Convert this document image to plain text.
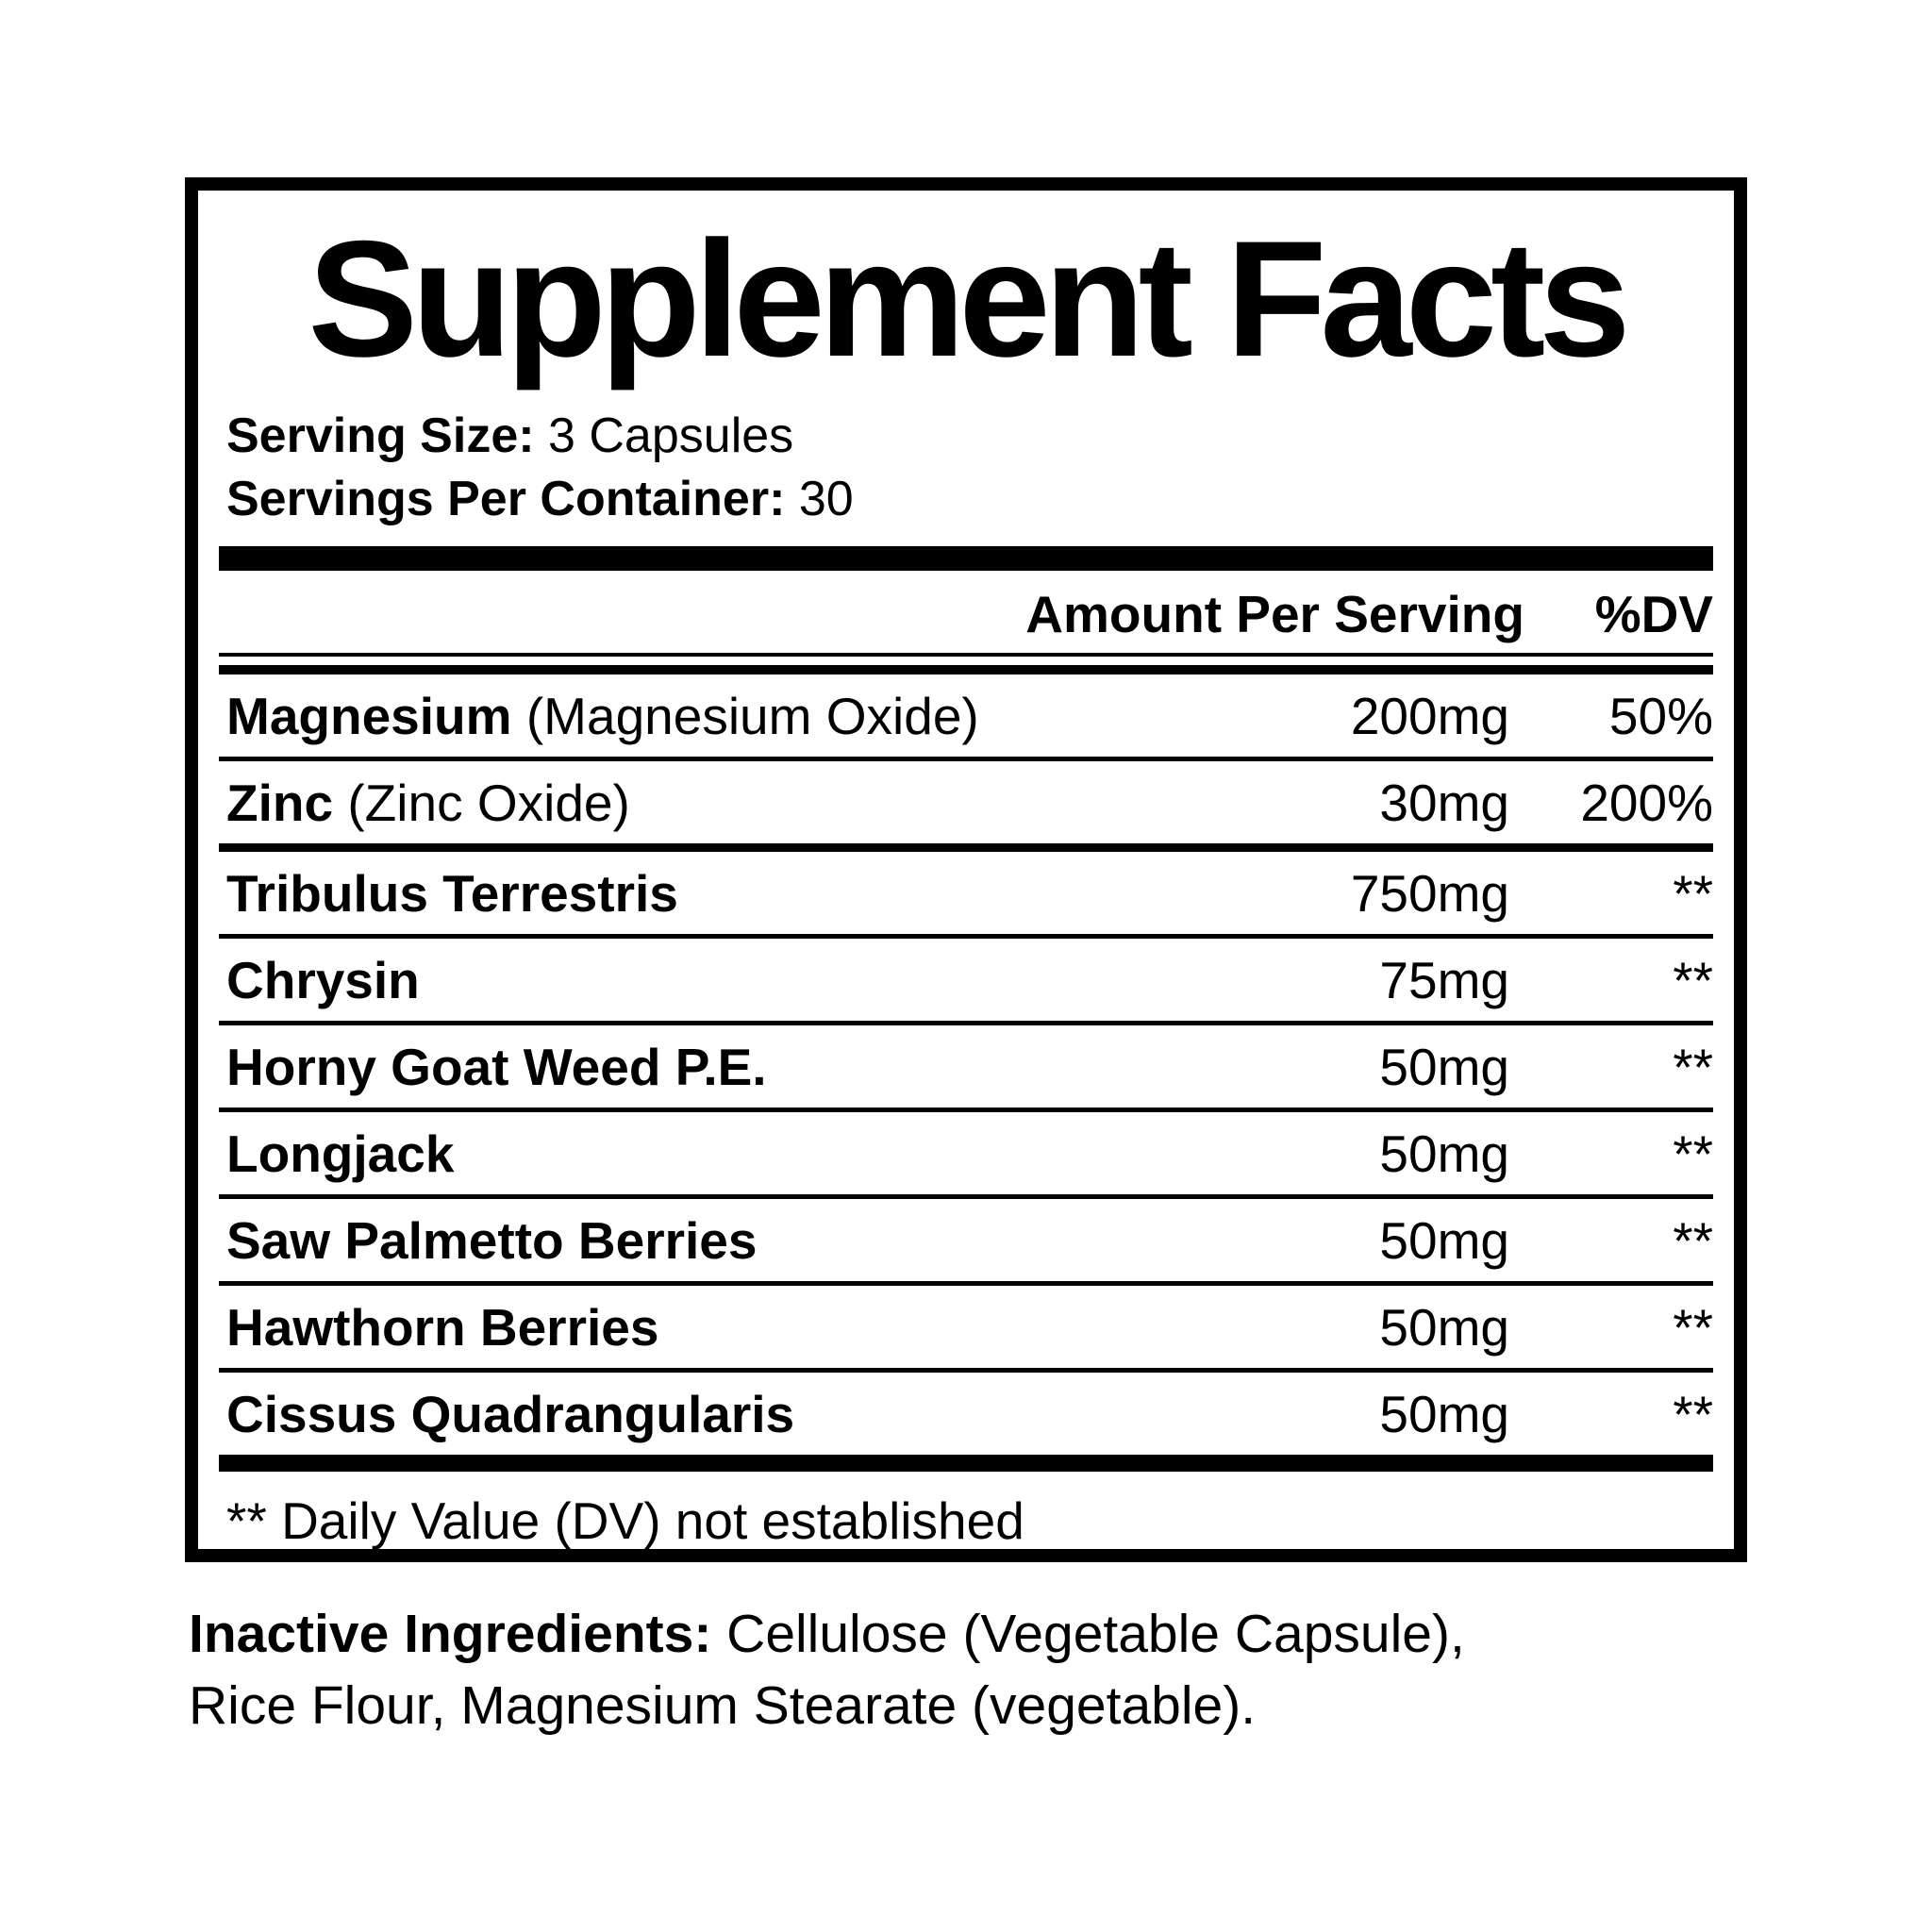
Supplement Facts
Serving Size: 3 Capsules
Servings Per Container: 30
Amount Per Serving	%DV
Magnesium (Magnesium Oxide)	200mg	50%
Zinc (Zinc Oxide)	30mg	200%
Tribulus Terrestris	750mg	**
Chrysin	75mg	**
Horny Goat Weed P.E.	50mg	**
Longjack	50mg	**
Saw Palmetto Berries	50mg	**
Hawthorn Berries	50mg	**
Cissus Quadrangularis	50mg	**
** Daily Value (DV) not established
Inactive Ingredients: Cellulose (Vegetable Capsule),
Rice Flour, Magnesium Stearate (vegetable).
